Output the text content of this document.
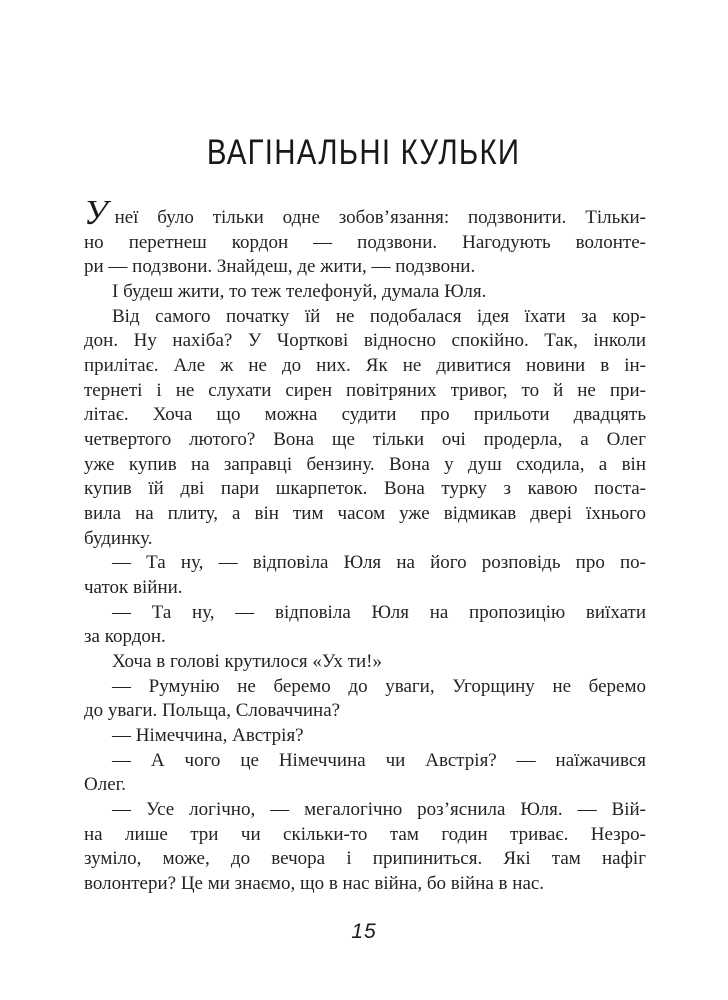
ВАГІНАЛЬНІ КУЛЬКИ
Унеї було тільки одне зобов’язання: подзвонити. Тільки-
но перетнеш кордон — подзвони. Нагодують волонте-
ри — подзвони. Знайдеш, де жити, — подзвони.
І будеш жити, то теж телефонуй, думала Юля.
Від самого початку їй не подобалася ідея їхати за кор-
дон. Ну нахіба? У Чорткові відносно спокійно. Так, інколи
прилітає. Але ж не до них. Як не дивитися новини в ін-
тернеті і не слухати сирен повітряних тривог, то й не при-
літає. Хоча що можна судити про прильоти двадцять
четвертого лютого? Вона ще тільки очі продерла, а Олег
уже купив на заправці бензину. Вона у душ сходила, а він
купив їй дві пари шкарпеток. Вона турку з кавою поста-
вила на плиту, а він тим часом уже відмикав двері їхнього
будинку.
— Та ну, — відповіла Юля на його розповідь про по-
чаток війни.
— Та ну, — відповіла Юля на пропозицію виїхати
за кордон.
Хоча в голові крутилося «Ух ти!»
— Румунію не беремо до уваги, Угорщину не беремо
до уваги. Польща, Словаччина?
— Німеччина, Австрія?
— А чого це Німеччина чи Австрія? — наїжачився
Олег.
— Усе логічно, — мегалогічно роз’яснила Юля. — Вій-
на лише три чи скільки-то там годин триває. Незро-
зуміло, може, до вечора і припиниться. Які там нафіг
волонтери? Це ми знаємо, що в нас війна, бо війна в нас.
15
